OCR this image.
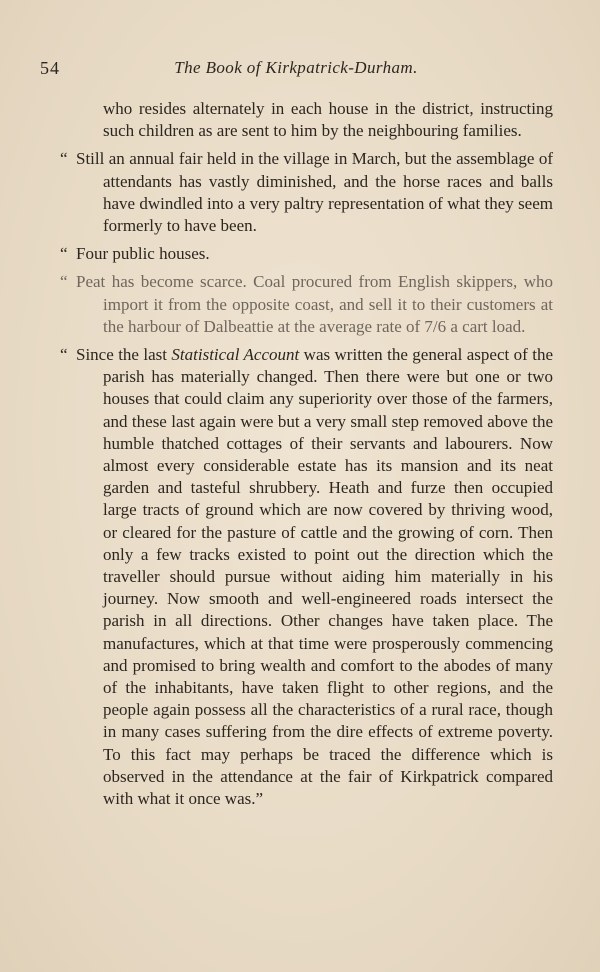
54	The Book of Kirkpatrick-Durham.

who resides alternately in each house in the district, instructing such children as are sent to him by the neighbouring families.

“ Still an annual fair held in the village in March, but the assemblage of attendants has vastly diminished, and the horse races and balls have dwindled into a very paltry representation of what they seem formerly to have been.

“ Four public houses.

“ Peat has become scarce. Coal procured from English skippers, who import it from the opposite coast, and sell it to their customers at the harbour of Dalbeattie at the average rate of 7/6 a cart load.

“ Since the last Statistical Account was written the general aspect of the parish has materially changed. Then there were but one or two houses that could claim any superiority over those of the farmers, and these last again were but a very small step removed above the humble thatched cottages of their servants and labourers. Now almost every considerable estate has its mansion and its neat garden and tasteful shrubbery. Heath and furze then occupied large tracts of ground which are now covered by thriving wood, or cleared for the pasture of cattle and the growing of corn. Then only a few tracks existed to point out the direction which the traveller should pursue without aiding him materially in his journey. Now smooth and well-engineered roads intersect the parish in all directions. Other changes have taken place. The manufactures, which at that time were prosperously commencing and promised to bring wealth and comfort to the abodes of many of the inhabitants, have taken flight to other regions, and the people again possess all the characteristics of a rural race, though in many cases suffering from the dire effects of extreme poverty. To this fact may perhaps be traced the difference which is observed in the attendance at the fair of Kirkpatrick compared with what it once was.”
